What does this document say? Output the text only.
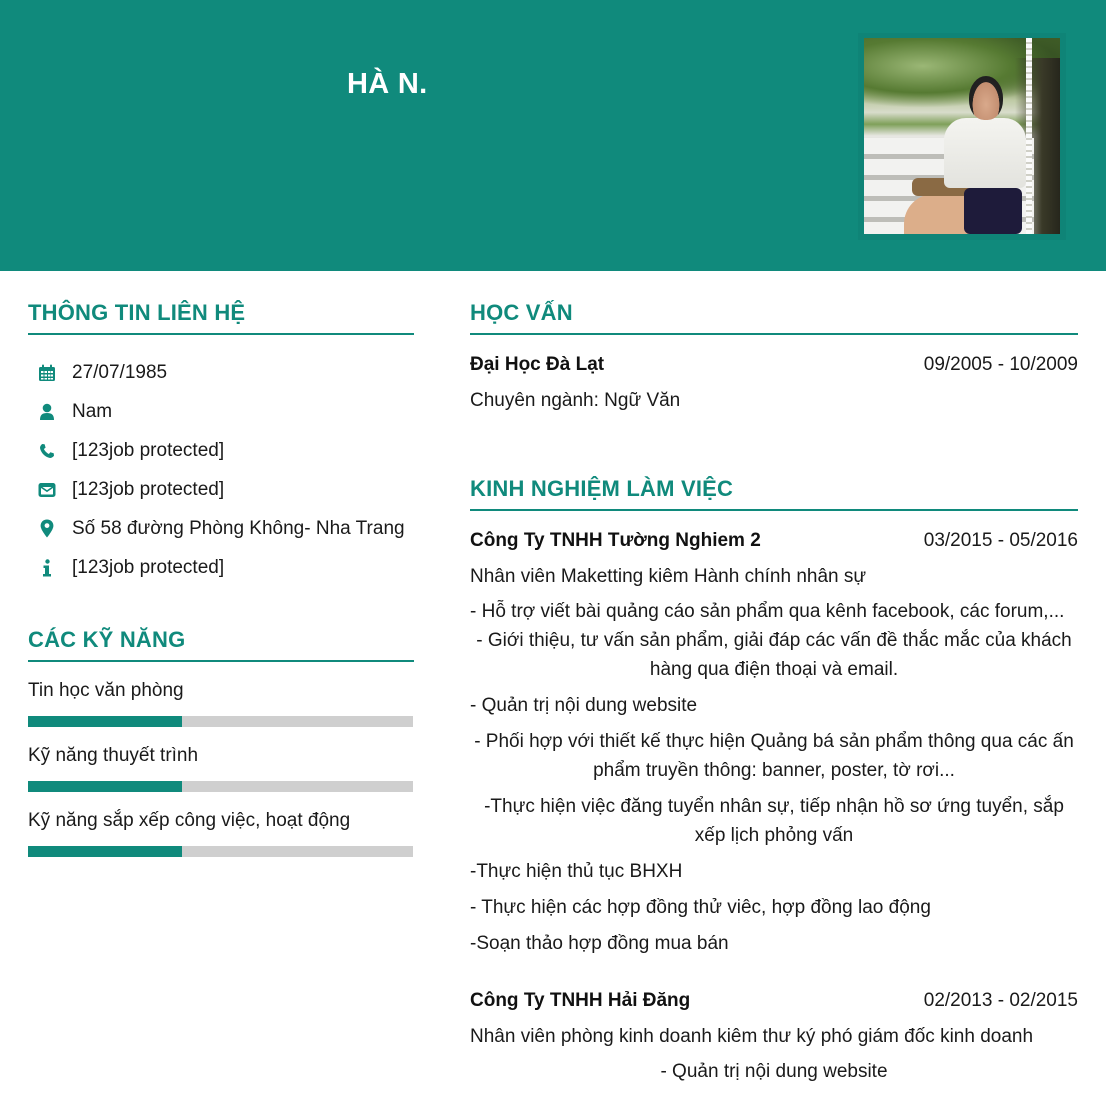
HÀ N.
THÔNG TIN LIÊN HỆ
27/07/1985
Nam
[123job protected]
[123job protected]
Số 58 đường Phòng Không- Nha Trang
[123job protected]
CÁC KỸ NĂNG
Tin học văn phòng
Kỹ năng thuyết trình
Kỹ năng sắp xếp công việc, hoạt động
HỌC VẤN
Đại Học Đà Lạt	09/2005 - 10/2009
Chuyên ngành: Ngữ Văn
KINH NGHIỆM LÀM VIỆC
Công Ty TNHH Tường Nghiem 2	03/2015 - 05/2016
Nhân viên Maketting kiêm Hành chính nhân sự
- Hỗ trợ viết bài quảng cáo sản phẩm qua kênh facebook, các forum,...
- Giới thiệu, tư vấn sản phẩm, giải đáp các vấn đề thắc mắc của khách hàng qua điện thoại và email.
- Quản trị nội dung website
- Phối hợp với thiết kế thực hiện Quảng bá sản phẩm thông qua các ấn phẩm truyền thông: banner, poster, tờ rơi...
-Thực hiện việc đăng tuyển nhân sự, tiếp nhận hồ sơ ứng tuyển, sắp xếp lịch phỏng vấn
-Thực hiện thủ tục BHXH
- Thực hiện các hợp đồng thử viêc, hợp đồng lao động
-Soạn thảo hợp đồng mua bán
Công Ty TNHH Hải Đăng	02/2013 - 02/2015
Nhân viên phòng kinh doanh kiêm thư ký phó giám đốc kinh doanh
- Quản trị nội dung website
